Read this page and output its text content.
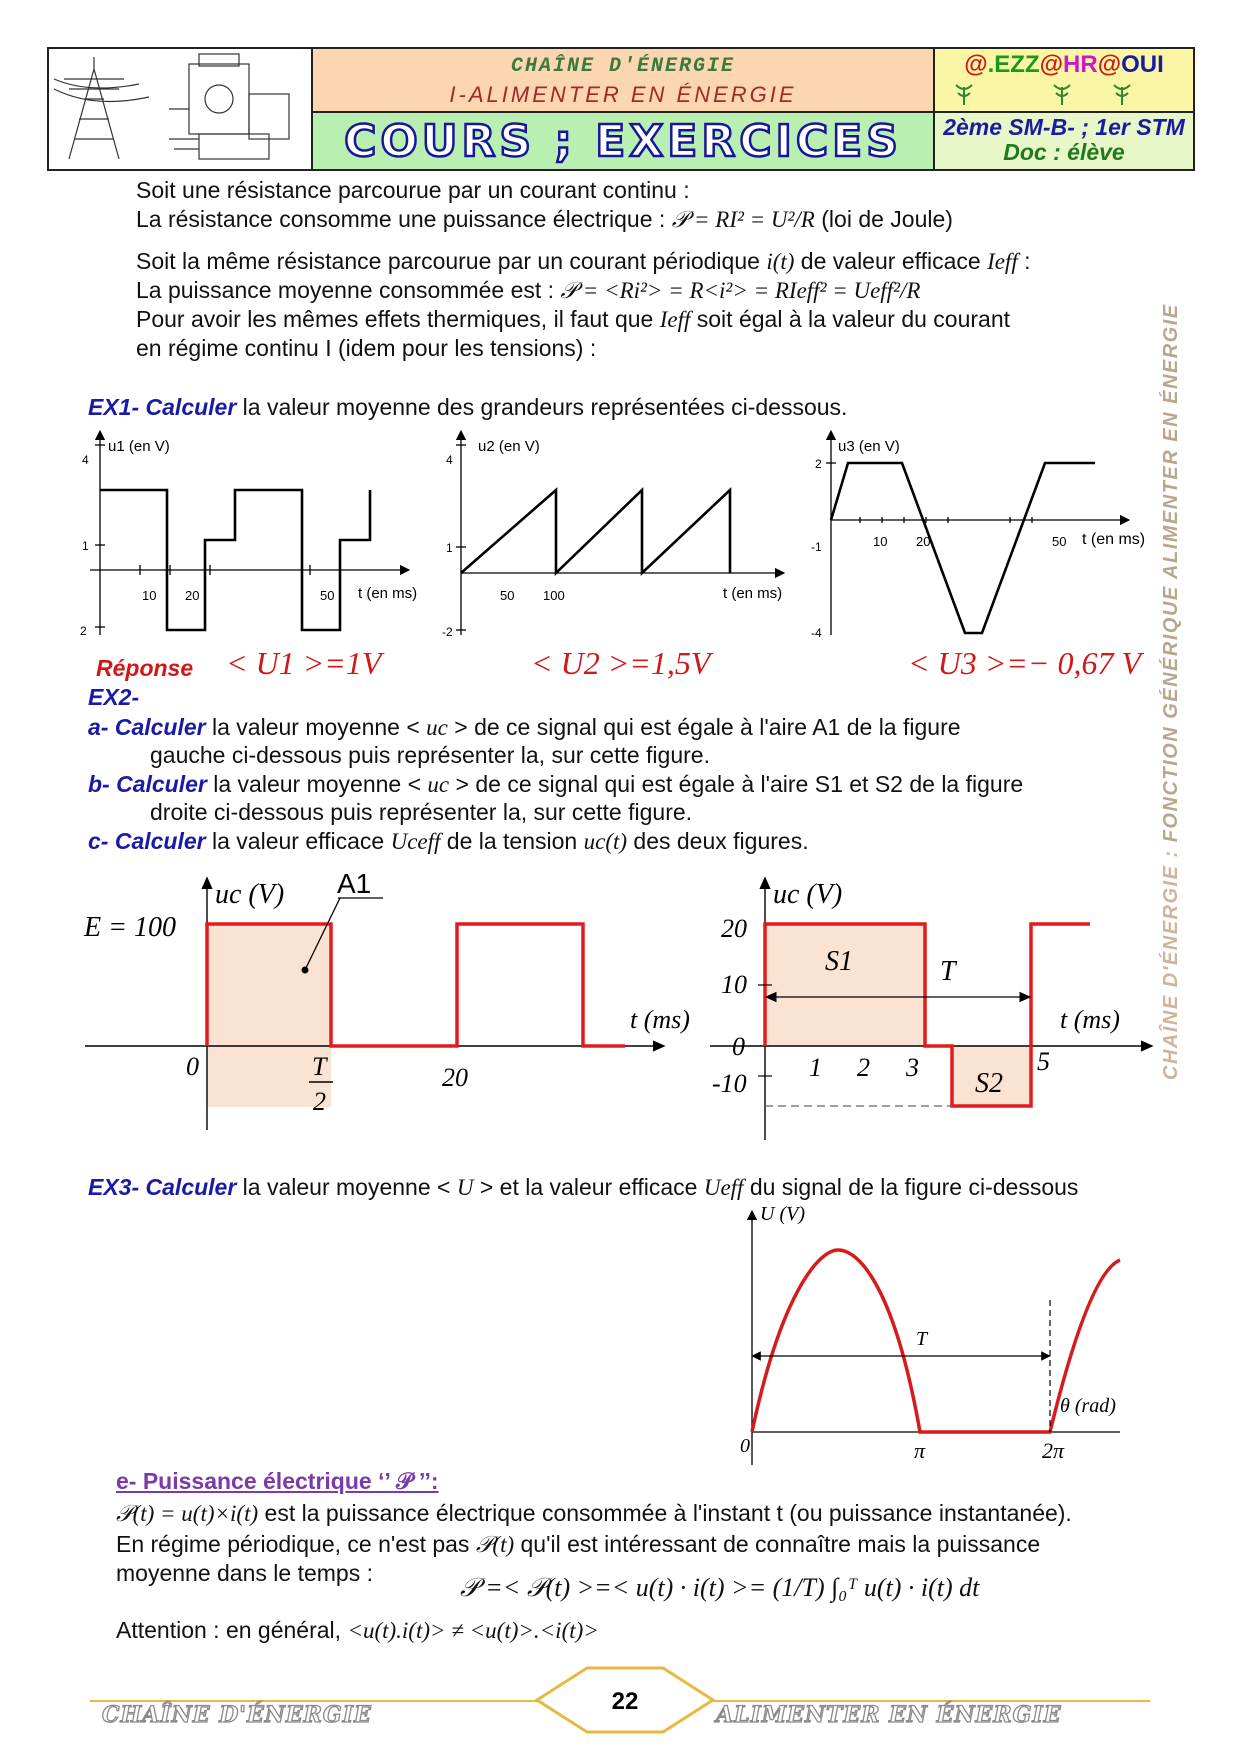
CHAÎNE D'ÉNERGIE
I-ALIMENTER EN ÉNERGIE
COURS ; EXERCICES
@.EZZ@HR@OUI
2ème SM-B- ; 1er STM
Doc : élève
CHAÎNE D'ÉNERGIE : FONCTION GÉNÉRIQUE ALIMENTER EN ÉNERGIE
Soit une résistance parcourue par un courant continu :
La résistance consomme une puissance électrique : 𝒫 = RI² = U²/R (loi de Joule)
Soit la même résistance parcourue par un courant périodique i(t) de valeur efficace Ieff :
La puissance moyenne consommée est : 𝒫 = <Ri²> = R<i²> = RIeff² = Ueff²/R
Pour avoir les mêmes effets thermiques, il faut que Ieff soit égal à la valeur du courant
en régime continu I (idem pour les tensions) :
EX1- Calculer la valeur moyenne des grandeurs représentées ci-dessous.
u1 (en V)
4
1
2
10 20	50 t (en ms)
u2 (en V)
4
1
-2
50 100	t (en ms)
u3 (en V)
2
-1
-4
10 20	50 t (en ms)
Réponse < U1 >=1V	< U2 >=1,5V	< U3 >=− 0,67 V
EX2-
a- Calculer la valeur moyenne < uc > de ce signal qui est égale à l'aire A1 de la figure
gauche ci-dessous puis représenter la, sur cette figure.
b- Calculer la valeur moyenne < uc > de ce signal qui est égale à l'aire S1 et S2 de la figure
droite ci-dessous puis représenter la, sur cette figure.
c- Calculer la valeur efficace Uceff de la tension uc(t) des deux figures.
uc (V) A1
E = 100
0	T
2
20
t (ms)
uc (V)
20
10
0
-10
S1
S2
T
1 2 3	5
t (ms)
EX3- Calculer la valeur moyenne < U > et la valeur efficace Ueff du signal de la figure ci-dessous
U (V)
T
0	π	2π
θ (rad)
e- Puissance électrique ‘’ 𝒫 ’’:
𝒫(t) = u(t)×i(t) est la puissance électrique consommée à l'instant t (ou puissance instantanée).
En régime périodique, ce n'est pas 𝒫(t) qu'il est intéressant de connaître mais la puissance
moyenne dans le temps :	𝒫 =< 𝒫(t) >=< u(t) · i(t) >= (1/T) ∫₀ᵀ u(t) · i(t) dt
Attention : en général, <u(t).i(t)> ≠ <u(t)>.<i(t)>
22
CHAÎNE D'ÉNERGIE	ALIMENTER EN ÉNERGIE
